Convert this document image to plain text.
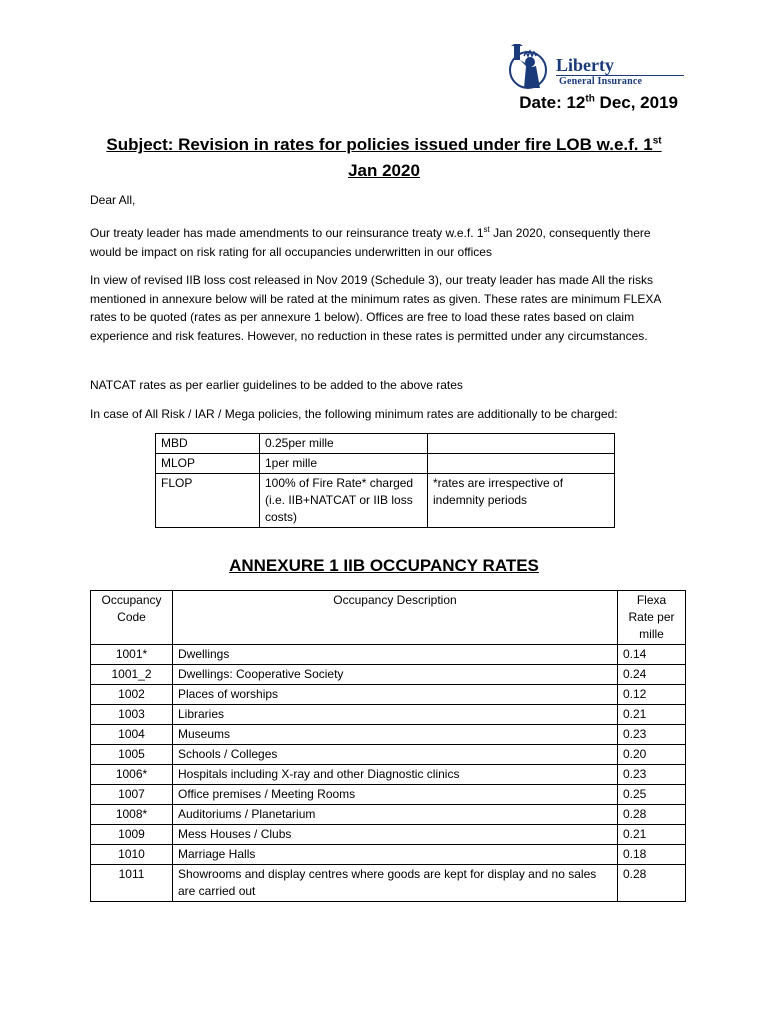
Liberty
General Insurance
Date: 12th Dec, 2019
Subject: Revision in rates for policies issued under fire LOB w.e.f. 1st
Jan 2020
Dear All,
Our treaty leader has made amendments to our reinsurance treaty w.e.f. 1st Jan 2020, consequently there would be impact on risk rating for all occupancies underwritten in our offices
In view of revised IIB loss cost released in Nov 2019 (Schedule 3), our treaty leader has made All the risks mentioned in annexure below will be rated at the minimum rates as given. These rates are minimum FLEXA rates to be quoted (rates as per annexure 1 below). Offices are free to load these rates based on claim experience and risk features. However, no reduction in these rates is permitted under any circumstances.
NATCAT rates as per earlier guidelines to be added to the above rates
In case of All Risk / IAR / Mega policies, the following minimum rates are additionally to be charged:
MBD	0.25per mille	
MLOP	1per mille	
FLOP	100% of Fire Rate* charged (i.e. IIB+NATCAT or IIB loss costs)	*rates are irrespective of indemnity periods
ANNEXURE 1 IIB OCCUPANCY RATES
Occupancy Code	Occupancy Description	Flexa Rate per mille
1001*	Dwellings	0.14
1001_2	Dwellings: Cooperative Society	0.24
1002	Places of worships	0.12
1003	Libraries	0.21
1004	Museums	0.23
1005	Schools / Colleges	0.20
1006*	Hospitals including X-ray and other Diagnostic clinics	0.23
1007	Office premises / Meeting Rooms	0.25
1008*	Auditoriums / Planetarium	0.28
1009	Mess Houses / Clubs	0.21
1010	Marriage Halls	0.18
1011	Showrooms and display centres where goods are kept for display and no sales are carried out	0.28
